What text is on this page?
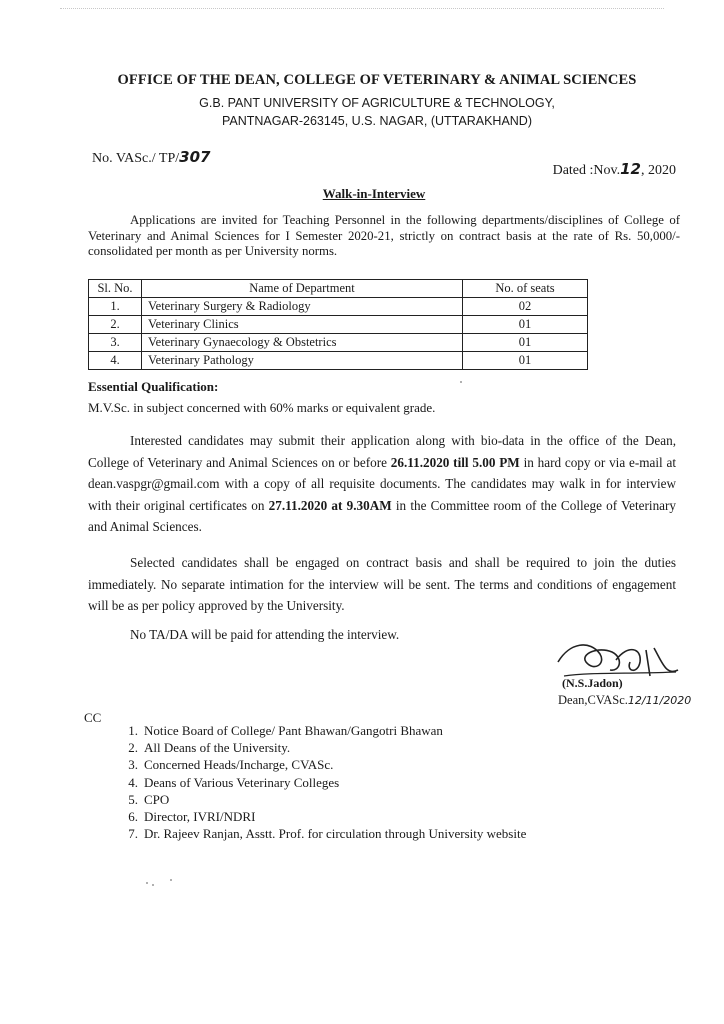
OFFICE OF THE DEAN, COLLEGE OF VETERINARY & ANIMAL SCIENCES
G.B. PANT UNIVERSITY OF AGRICULTURE & TECHNOLOGY,
PANTNAGAR-263145, U.S. NAGAR, (UTTARAKHAND)
No. VASc./ TP/307
Dated :Nov.12, 2020
Walk-in-Interview
Applications are invited for Teaching Personnel in the following departments/disciplines of College of Veterinary and Animal Sciences for I Semester 2020-21, strictly on contract basis at the rate of Rs. 50,000/- consolidated per month as per University norms.
Sl. No.	Name of Department	No. of seats
1.	Veterinary Surgery & Radiology	02
2.	Veterinary Clinics	01
3.	Veterinary Gynaecology & Obstetrics	01
4.	Veterinary Pathology	01
Essential Qualification:
M.V.Sc. in subject concerned with 60% marks or equivalent grade.
Interested candidates may submit their application along with bio-data in the office of the Dean, College of Veterinary and Animal Sciences on or before 26.11.2020 till 5.00 PM in hard copy or via e-mail at dean.vaspgr@gmail.com with a copy of all requisite documents. The candidates may walk in for interview with their original certificates on 27.11.2020 at 9.30AM in the Committee room of the College of Veterinary and Animal Sciences.
Selected candidates shall be engaged on contract basis and shall be required to join the duties immediately. No separate intimation for the interview will be sent. The terms and conditions of engagement will be as per policy approved by the University.
No TA/DA will be paid for attending the interview.
(N.S.Jadon)
Dean,CVASc.12/11/2020
CC
1. Notice Board of College/ Pant Bhawan/Gangotri Bhawan
2. All Deans of the University.
3. Concerned Heads/Incharge, CVASc.
4. Deans of Various Veterinary Colleges
5. CPO
6. Director, IVRI/NDRI
7. Dr. Rajeev Ranjan, Asstt. Prof. for circulation through University website
